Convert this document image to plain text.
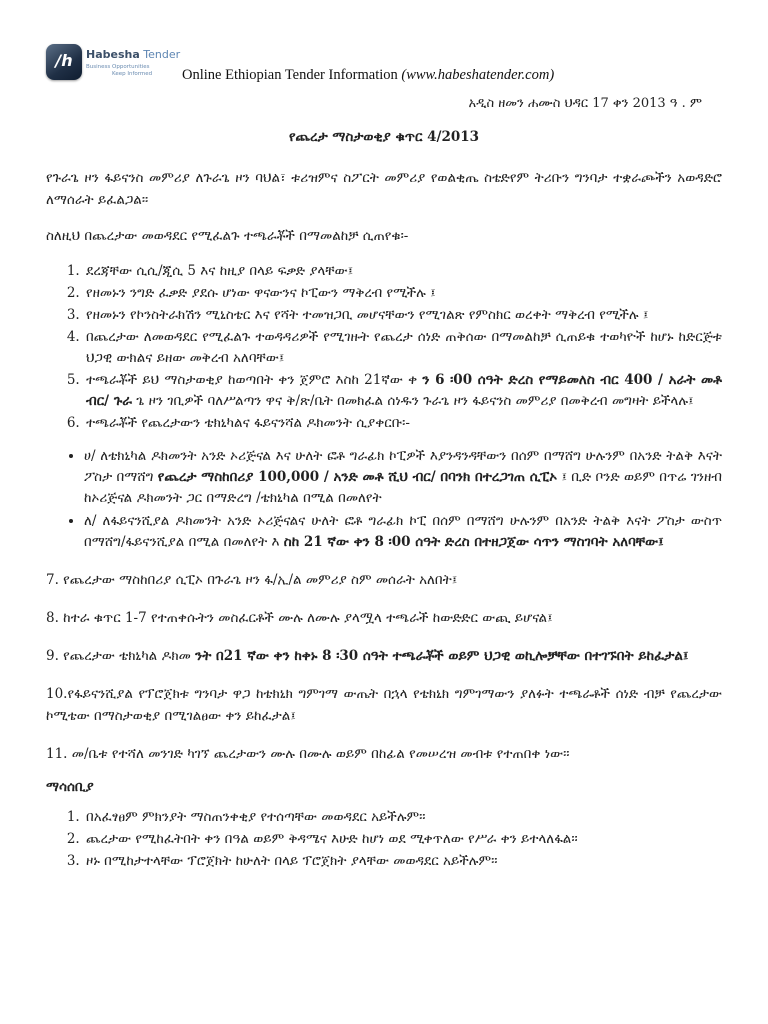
/h	Habesha Tender
Business Opportunities
Keep Informed Online Ethiopian Tender Information (www.habeshatender.com)
አዲስ ዘመን ሐሙስ ህዳር 17 ቀን 2013 ዓ . ም
የጨረታ ማስታወቂያ ቁጥር 4/2013

የጉራጌ ዞን ፋይናንስ መምሪያ ለጉራጌ ዞን ባህል፣ ቱሪዝምና ስፖርት መምሪያ የወልቂጤ ስቴድየም ትሪቡን ግንባታ ተቋራጮችን አወዳድሮ ለማሰራት ይፈልጋል፡፡

ስለዚህ በጨረታው መወዳደር የሚፈልጉ ተጫራቾች በማመልከቻ ሲጠየቁ፡-

1. ደረጃቸው ሲሲ/ጂሲ 5 እና ከዚያ በላይ ፍቃድ ያላቸው፤
2. የዘመኑን ንግድ ፈቃድ ያደሱ ሆነው ዋናውንና ኮፒውን ማቅረብ የሚችሉ ፤
3. የዘመኑን የኮንስትራክሽን ሚኒስቴር እና የሻት ተመዝጋቢ መሆናቸውን የሚገልጽ የምስክር ወረቀት ማቅረብ የሚችሉ ፤
4. በጨረታው ለመወዳደር የሚፈልጉ ተወዳዳሪዎች የሚገዙት የጨረታ ሰነድ ጠቅሰው በማመልከቻ ሲጠይቁ ተወካዮች ከሆኑ ከድርጅቱ ህጋዊ ውክልና ይዘው መቅረብ አለባቸው፤
5. ተጫራቾች ይህ ማስታወቂያ ከወጣበት ቀን ጀምሮ እስከ 21ኛው ቀ ን 6 ፡00 ሰዓት ድረስ የማይመለስ ብር 400 / አራት መቶ ብር/ ጉራ ጌ ዞን ገቢዎች ባለሥልጣን ዋና ቅ/ጽ/ቤት በመክፈል ሰነዱን ጉራጌ ዞን ፋይናንስ መምሪያ በመቅረብ መግዛት ይችላሉ፤
6. ተጫራቾች የጨረታውን ቴክኒካልና ፋይናንሻል ዶክመንት ሲያቀርቡ፡-
• ሀ/ ለቴክኒካል ዶክመንት አንድ ኦሪጅናል እና ሁለት ፎቶ ግራፊክ ኮፒዎች እያንዳንዳቸውን በሰም በማሸግ ሁሉንም በአንድ ትልቅ እናት ፖስታ በማሸግ የጨረታ ማስከበሪያ 100,000 / አንድ መቶ ሺህ ብር/ በባንክ በተረጋገጠ ሲፒኦ ፤ ቢድ ቦንድ ወይም በጥሬ ገንዘብ ከኦሪጅናል ዶክመንት ጋር በማድረግ /ቴክኒካል በሚል በመለየት
• ለ/ ለፋይናንሺያል ዶክመንት አንድ ኦሪጅናልና ሁለት ፎቶ ግራፊክ ኮፒ በሰም በማሸግ ሁሉንም በአንድ ትልቅ እናት ፖስታ ውስጥ በማሸግ/ፋይናንሺያል በሚል በመለየት እ ስከ 21 ኛው ቀን 8 ፡00 ሰዓት ድረስ በተዘጋጀው ሳጥን ማስገባት አለባቸው፤

7. የጨረታው ማስከበሪያ ሲፒኦ በጉራጌ ዞን ፋ/ኢ/ል መምሪያ ስም መሰራት አለበት፤

8. ከተራ ቁጥር 1-7 የተጠቀሱትን መስፈርቶች ሙሉ ለሙሉ ያላሟላ ተጫራች ከውድድር ውጪ ይሆናል፤

9. የጨረታው ቴክኒካል ዶክመ ንት በ21 ኛው ቀን ከቀኑ 8 ፡30 ሰዓት ተጫራቾች ወይም ህጋዊ ወኪሎቻቸው በተገኙበት ይከፈታል፤

10.የፋይናንሺያል የፕሮጀክቱ ግንባታ ዋጋ ከቴክኒክ ግምገማ ውጤት በኋላ የቴክኒክ ግምገማውን ያለፉት ተጫራቶች ሰነድ ብቻ የጨረታው ኮሚቴው በማስታወቂያ በሚገልፀው ቀን ይከፈታል፤

11. መ/ቤቱ የተሻለ መንገድ ካገኘ ጨረታውን ሙሉ በሙሉ ወይም በከፊል የመሠረዝ መብቱ የተጠበቀ ነው፡፡

ማሳሰቢያ
1. በአፈፃፀም ምክንያት ማስጠንቀቂያ የተሰጣቸው መወዳደር አይችሉም፡፡
2. ጨረታው የሚከፈትበት ቀን በዓል ወይም ቅዳሜና እሁድ ከሆነ ወደ ሚቀጥለው የሥራ ቀን ይተላለፋል፡፡
3. ዞኑ በሚከታተላቸው ፕሮጀክት ከሁለት በላይ ፕሮጀክት ያላቸው መወዳደር አይችሉም፡፡
